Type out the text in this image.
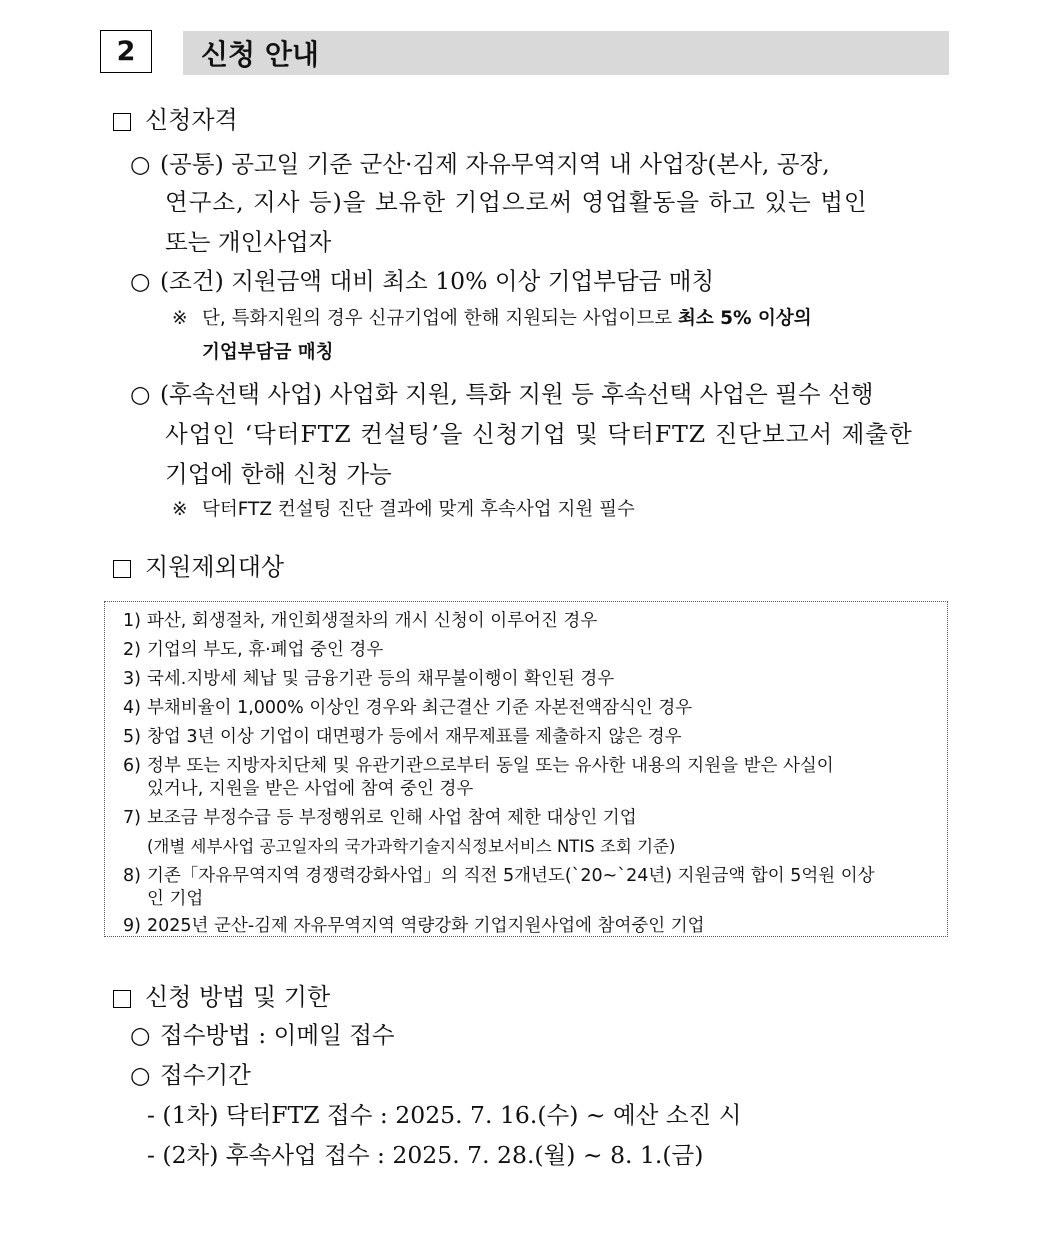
2	신청 안내
신청자격
○ (공통) 공고일 기준 군산·김제 자유무역지역 내 사업장(본사, 공장,
연구소, 지사 등)을 보유한 기업으로써 영업활동을 하고 있는 법인
또는 개인사업자
○ (조건) 지원금액 대비 최소 10% 이상 기업부담금 매칭
※ 단, 특화지원의 경우 신규기업에 한해 지원되는 사업이므로 최소 5% 이상의
기업부담금 매칭
○ (후속선택 사업) 사업화 지원, 특화 지원 등 후속선택 사업은 필수 선행
사업인 ‘닥터FTZ 컨설팅’을 신청기업 및 닥터FTZ 진단보고서 제출한
기업에 한해 신청 가능
※ 닥터FTZ 컨설팅 진단 결과에 맞게 후속사업 지원 필수
지원제외대상
1) 파산, 회생절차, 개인회생절차의 개시 신청이 이루어진 경우
2) 기업의 부도, 휴·폐업 중인 경우
3) 국세.지방세 체납 및 금융기관 등의 채무불이행이 확인된 경우
4) 부채비율이 1,000% 이상인 경우와 최근결산 기준 자본전액잠식인 경우
5) 창업 3년 이상 기업이 대면평가 등에서 재무제표를 제출하지 않은 경우
6) 정부 또는 지방자치단체 및 유관기관으로부터 동일 또는 유사한 내용의 지원을 받은 사실이
있거나, 지원을 받은 사업에 참여 중인 경우
7) 보조금 부정수급 등 부정행위로 인해 사업 참여 제한 대상인 기업
(개별 세부사업 공고일자의 국가과학기술지식정보서비스 NTIS 조회 기준)
8) 기존「자유무역지역 경쟁력강화사업」의 직전 5개년도(`20~`24년) 지원금액 합이 5억원 이상
인 기업
9) 2025년 군산-김제 자유무역지역 역량강화 기업지원사업에 참여중인 기업
신청 방법 및 기한
○ 접수방법 : 이메일 접수
○ 접수기간
- (1차) 닥터FTZ 접수 : 2025. 7. 16.(수) ~ 예산 소진 시
- (2차) 후속사업 접수 : 2025. 7. 28.(월) ~ 8. 1.(금)
